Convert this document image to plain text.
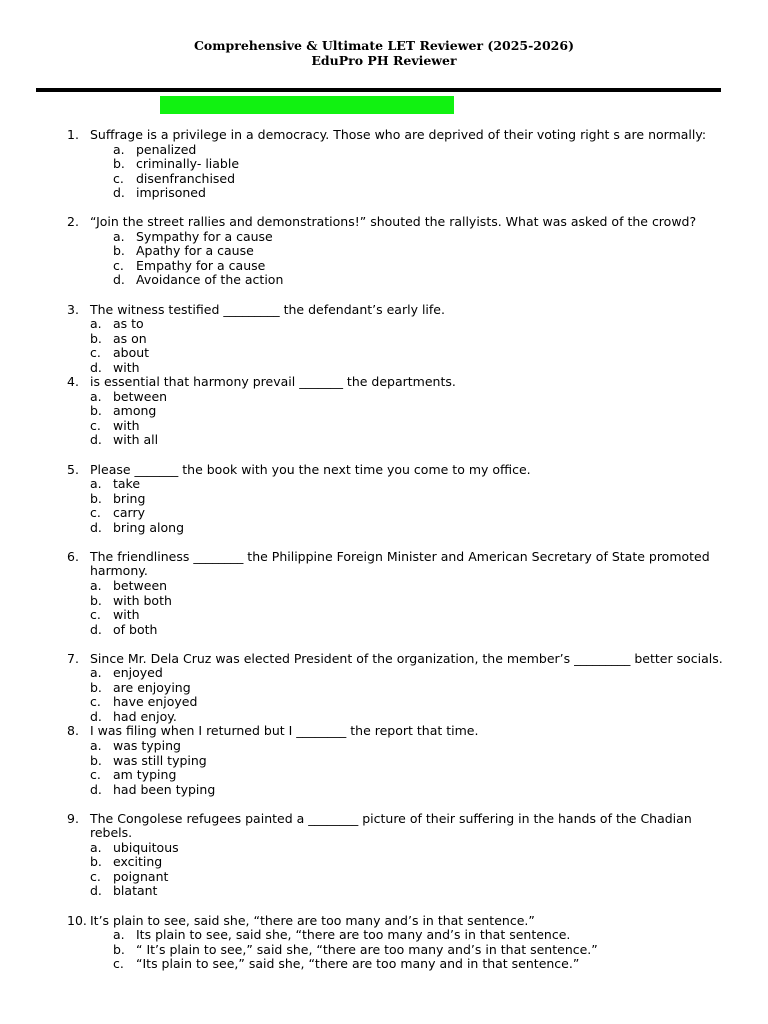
Comprehensive & Ultimate LET Reviewer (2025-2026)
EduPro PH Reviewer
1. Suffrage is a privilege in a democracy. Those who are deprived of their voting right s are normally:
a. penalized
b. criminally- liable
c. disenfranchised
d. imprisoned
2. “Join the street rallies and demonstrations!” shouted the rallyists. What was asked of the crowd?
a. Sympathy for a cause
b. Apathy for a cause
c. Empathy for a cause
d. Avoidance of the action
3. The witness testified _________ the defendant’s early life.
a. as to
b. as on
c. about
d. with
4. is essential that harmony prevail _______ the departments.
a. between
b. among
c. with
d. with all
5. Please _______ the book with you the next time you come to my office.
a. take
b. bring
c. carry
d. bring along
6. The friendliness ________ the Philippine Foreign Minister and American Secretary of State promoted harmony.
a. between
b. with both
c. with
d. of both
7. Since Mr. Dela Cruz was elected President of the organization, the member’s _________ better socials.
a. enjoyed
b. are enjoying
c. have enjoyed
d. had enjoy.
8. I was filing when I returned but I ________ the report that time.
a. was typing
b. was still typing
c. am typing
d. had been typing
9. The Congolese refugees painted a ________ picture of their suffering in the hands of the Chadian rebels.
a. ubiquitous
b. exciting
c. poignant
d. blatant
10. It’s plain to see, said she, “there are too many and’s in that sentence.”
a. Its plain to see, said she, “there are too many and’s in that sentence.
b. “ It’s plain to see,” said she, “there are too many and’s in that sentence.”
c. “Its plain to see,” said she, “there are too many and in that sentence.”
